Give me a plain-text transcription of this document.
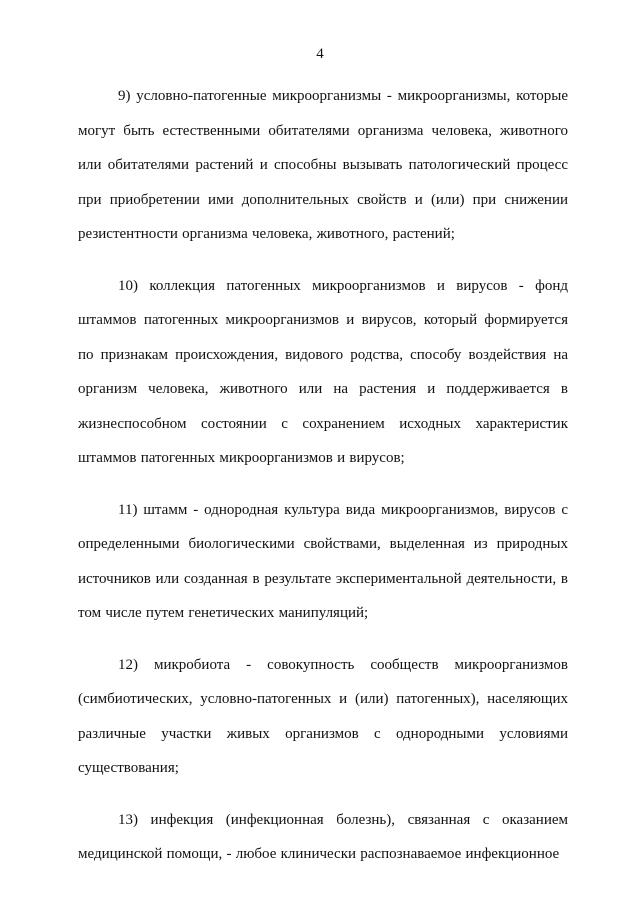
4

9) условно-патогенные микроорганизмы - микроорганизмы, которые могут быть естественными обитателями организма человека, животного или обитателями растений и способны вызывать патологический процесс при приобретении ими дополнительных свойств и (или) при снижении резистентности организма человека, животного, растений;

10) коллекция патогенных микроорганизмов и вирусов - фонд штаммов патогенных микроорганизмов и вирусов, который формируется по признакам происхождения, видового родства, способу воздействия на организм человека, животного или на растения и поддерживается в жизнеспособном состоянии с сохранением исходных характеристик штаммов патогенных микроорганизмов и вирусов;

11) штамм - однородная культура вида микроорганизмов, вирусов с определенными биологическими свойствами, выделенная из природных источников или созданная в результате экспериментальной деятельности, в том числе путем генетических манипуляций;

12) микробиота - совокупность сообществ микроорганизмов (симбиотических, условно-патогенных и (или) патогенных), населяющих различные участки живых организмов с однородными условиями существования;

13) инфекция (инфекционная болезнь), связанная с оказанием медицинской помощи, - любое клинически распознаваемое инфекционное
